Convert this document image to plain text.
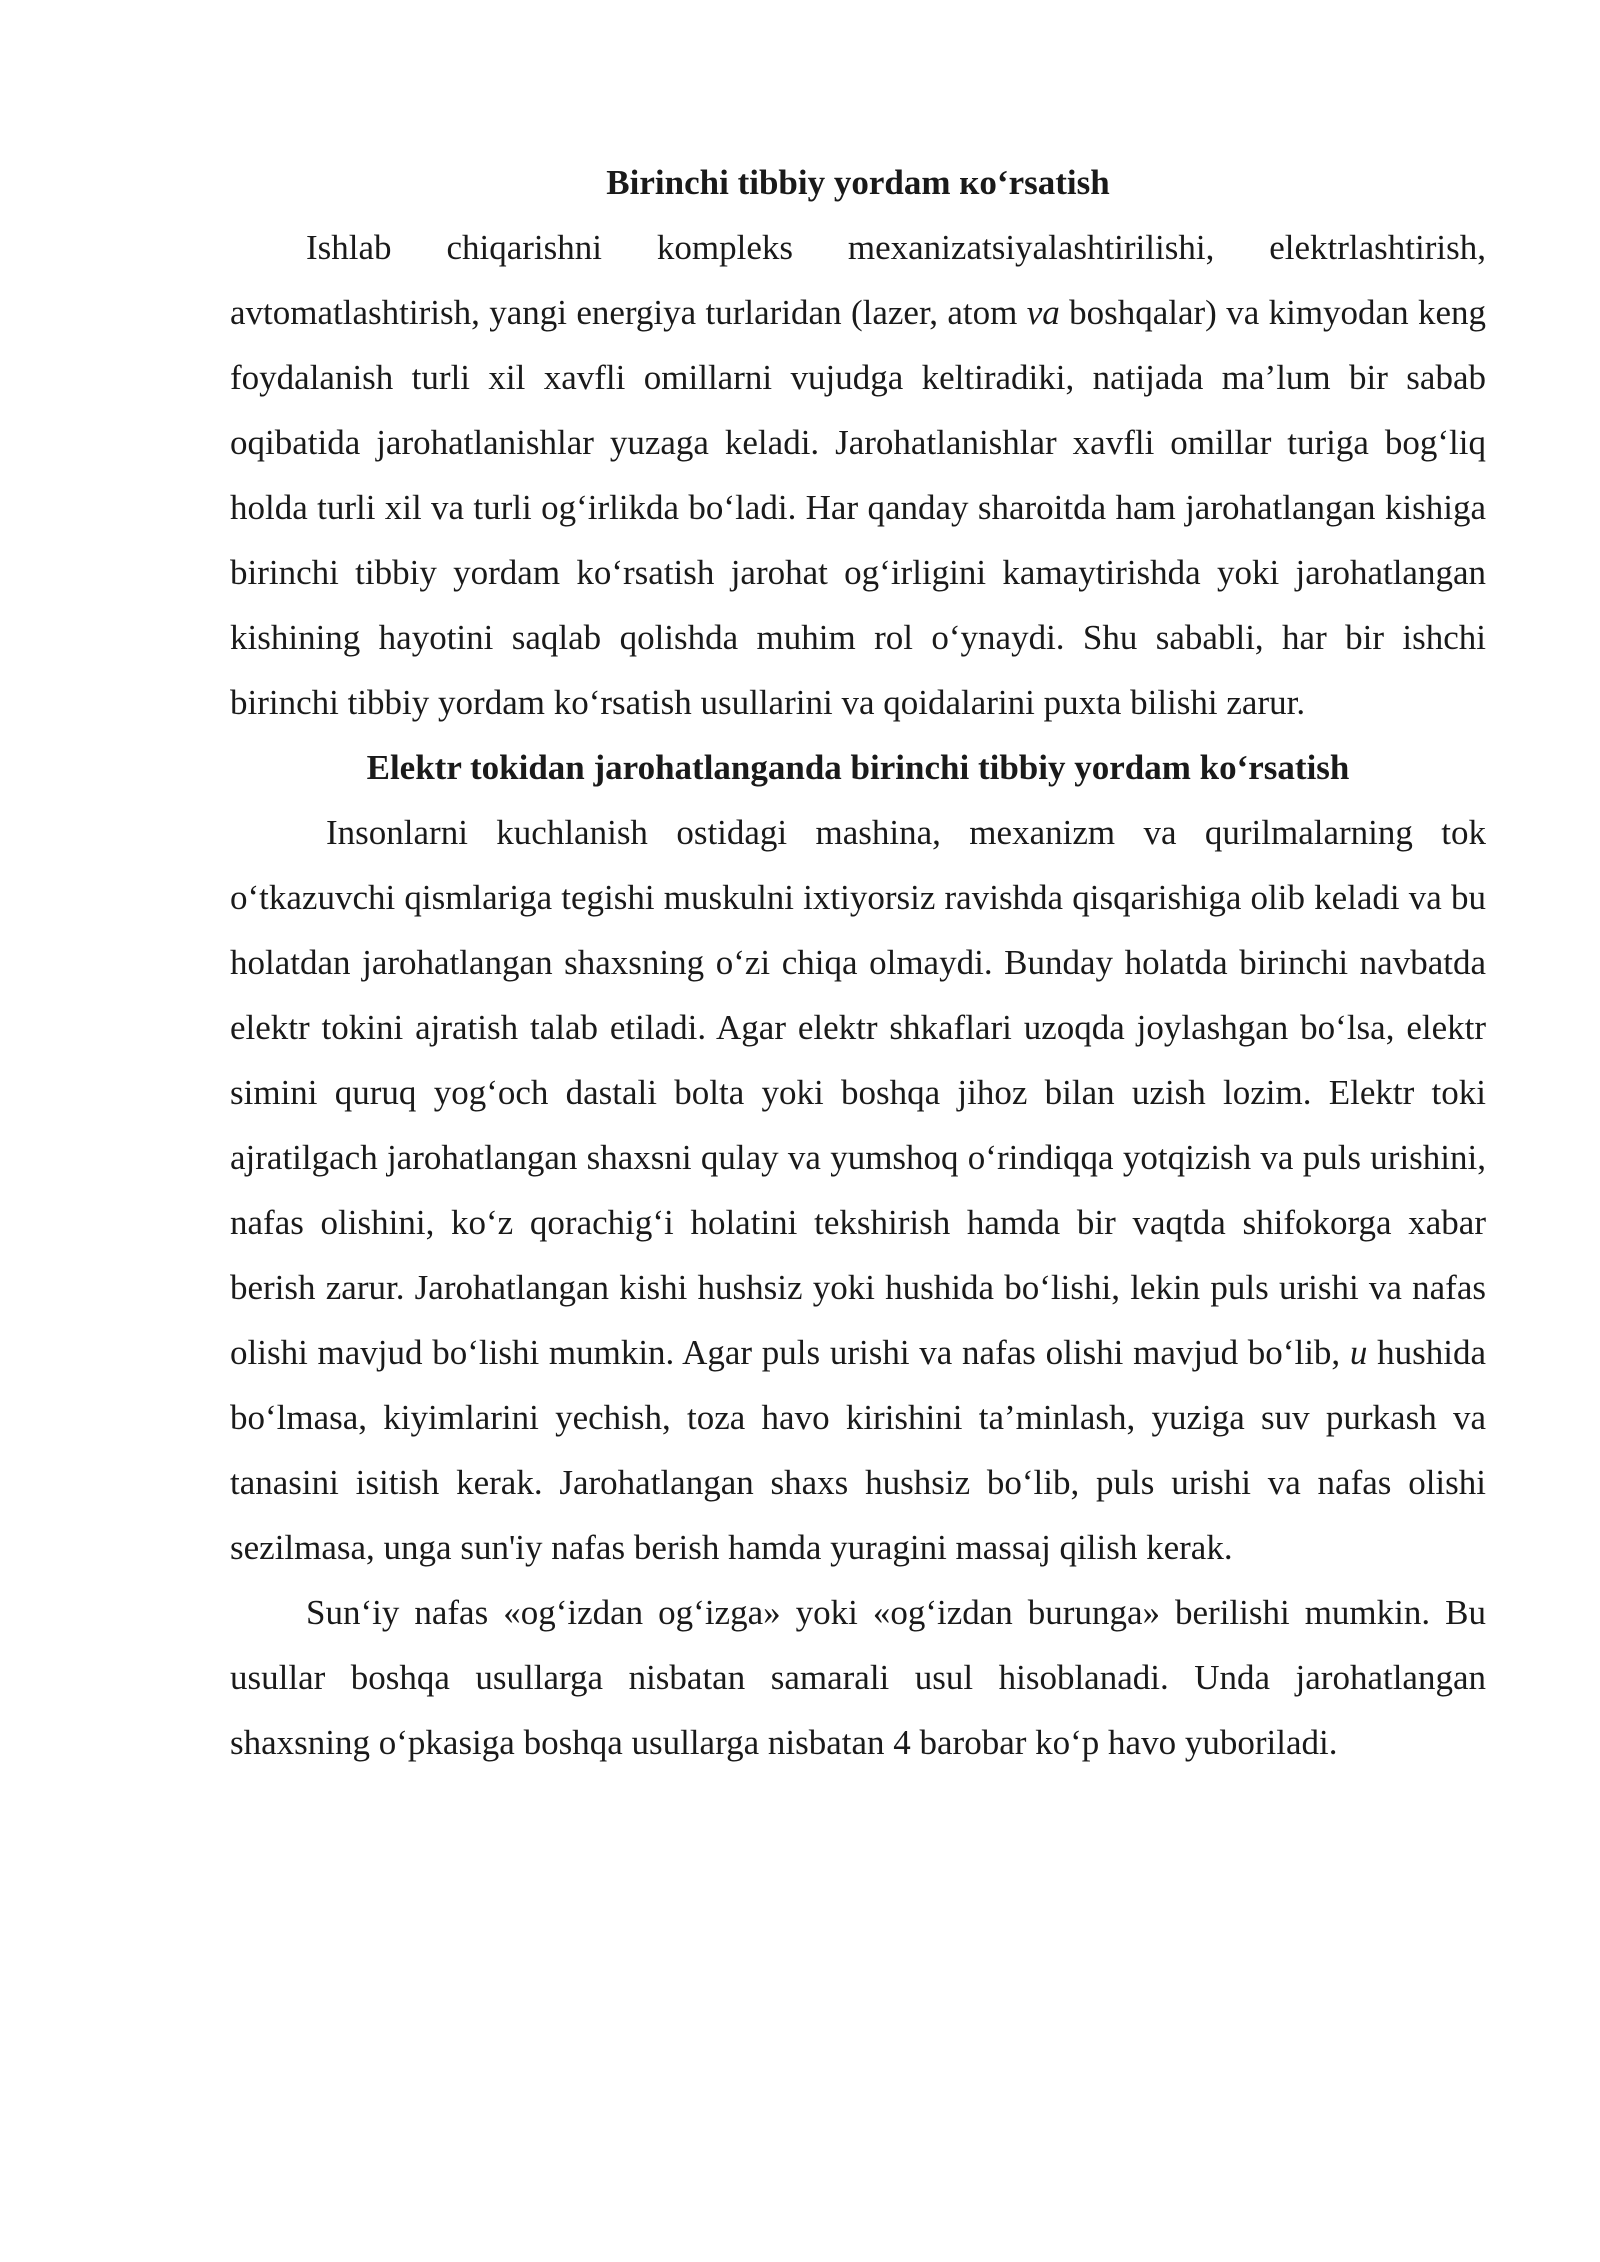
Birinchi tibbiy yordam кo‘rsatish

Ishlab chiqarishni kompleks mexanizatsiyalashtirilishi, elektrlashtirish, avtomatlashtirish, yangi energiya turlaridan (lazer, atom va boshqalar) va kimyodan keng foydalanish turli xil xavfli omillarni vujudga keltiradiki, natijada ma’lum bir sabab oqibatida jarohatlanishlar yuzaga keladi. Jarohatlanishlar xavfli omillar turiga bog‘liq holda turli xil va turli og‘irlikda bo‘ladi. Har qanday sharoitda ham jarohatlangan kishiga birinchi tibbiy yordam ko‘rsatish jarohat og‘irligini kamaytirishda yoki jarohatlangan kishining hayotini saqlab qolishda muhim rol o‘ynaydi. Shu sababli, har bir ishchi birinchi tibbiy yordam ko‘rsatish usullarini va qoidalarini puxta bilishi zarur.

Elektr tokidan jarohatlanganda birinchi tibbiy yordam ko‘rsatish

Insonlarni kuchlanish ostidagi mashina, mexanizm va qurilmalarning tok o‘tkazuvchi qismlariga tegishi muskulni ixtiyorsiz ravishda qisqarishiga olib keladi va bu holatdan jarohatlangan shaxsning o‘zi chiqa olmaydi. Bunday holatda birinchi navbatda elektr tokini ajratish talab etiladi. Agar elektr shkaflari uzoqda joylashgan bo‘lsa, elektr simini quruq yog‘och dastali bolta yoki boshqa jihoz bilan uzish lozim. Elektr toki ajratilgach jarohatlangan shaxsni qulay va yumshoq o‘rindiqqa yotqizish va puls urishini, nafas olishini, ko‘z qorachig‘i holatini tekshirish hamda bir vaqtda shifokorga xabar berish zarur. Jarohatlangan kishi hushsiz yoki hushida bo‘lishi, lekin puls urishi va nafas olishi mavjud bo‘lishi mumkin. Agar puls urishi va nafas olishi mavjud bo‘lib, u hushida bo‘lmasa, kiyimlarini yechish, toza havo kirishini ta’minlash, yuziga suv purkash va tanasini isitish kerak. Jarohatlangan shaxs hushsiz bo‘lib, puls urishi va nafas olishi sezilmasa, unga sun'iy nafas berish hamda yuragini massaj qilish kerak.

Sun‘iy nafas «og‘izdan og‘izga» yoki «og‘izdan burunga» berilishi mumkin. Bu usullar boshqa usullarga nisbatan samarali usul hisoblanadi. Unda jarohatlangan shaxsning o‘pkasiga boshqa usullarga nisbatan 4 barobar ko‘p havo yuboriladi.
